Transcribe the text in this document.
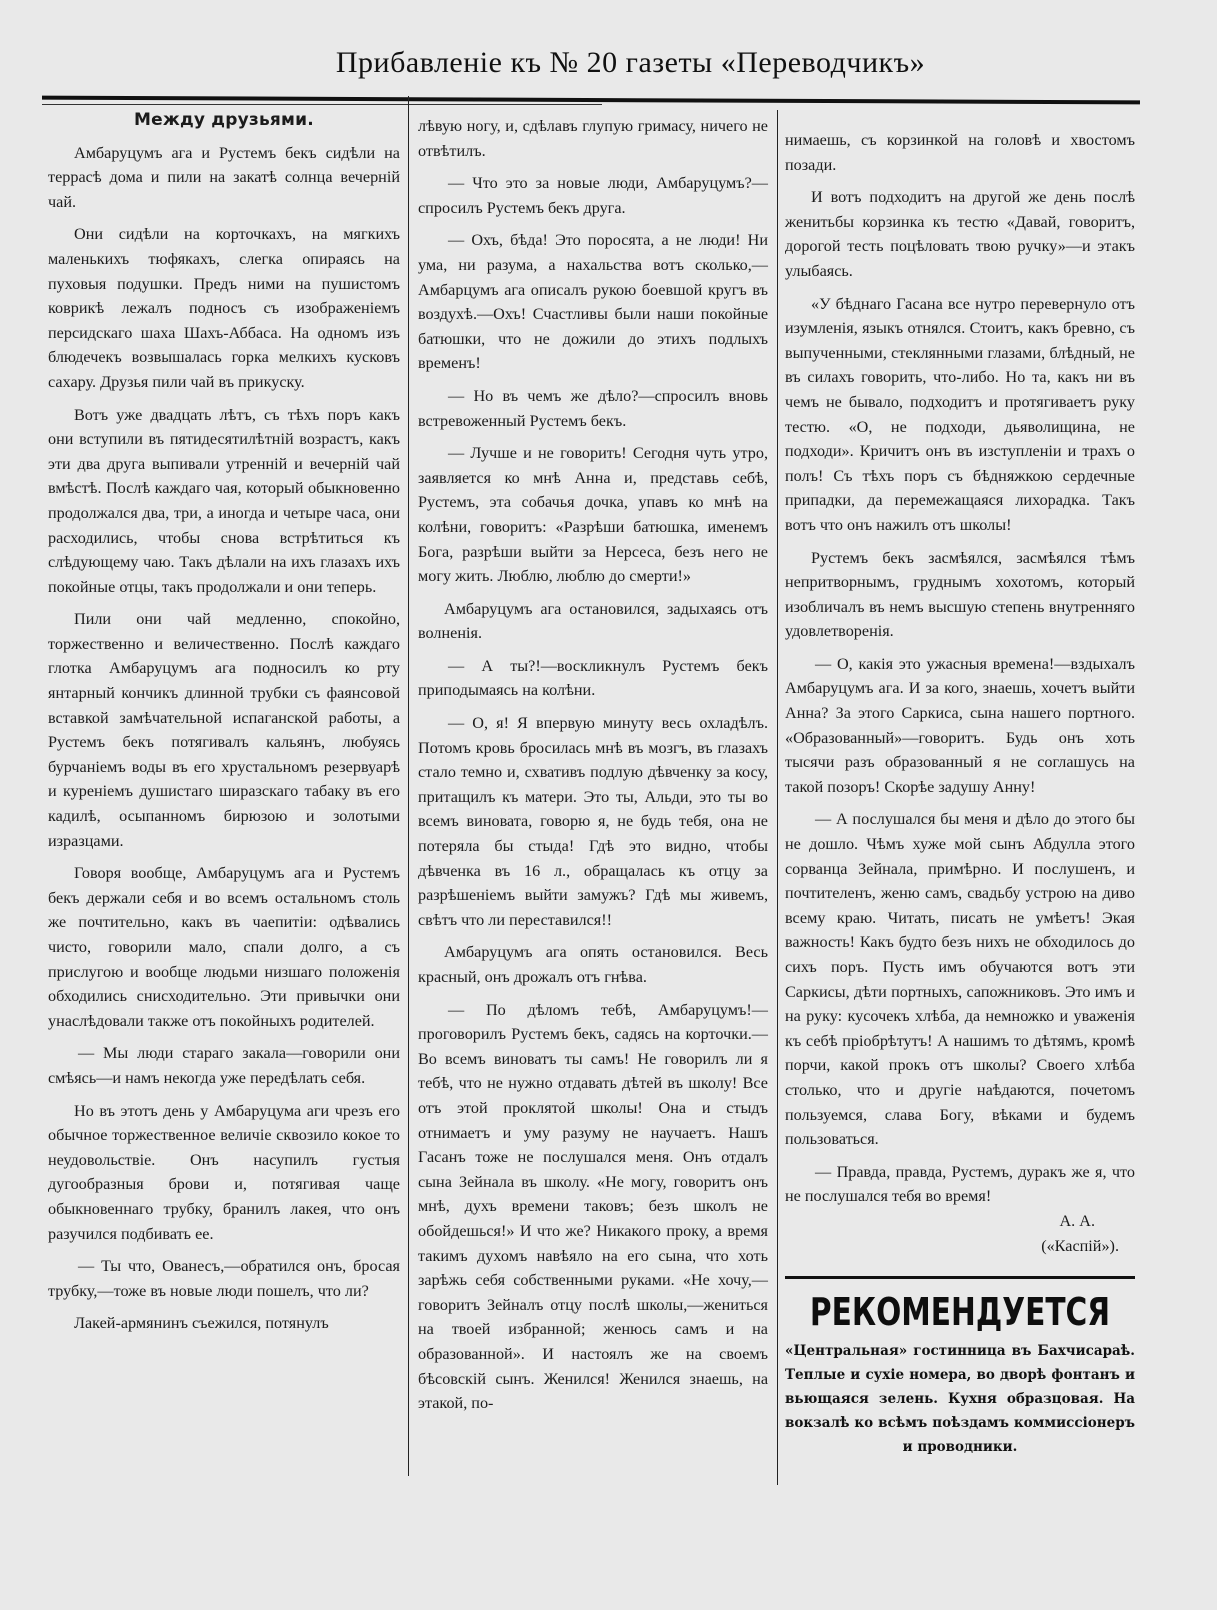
Прибавленіе къ № 20 газеты «Переводчикъ»

Между друзьями.

Амбаруцумъ ага и Рустемъ бекъ сидѣли на террасѣ дома и пили на закатѣ солнца вечерній чай.

Они сидѣли на корточкахъ, на мягкихъ маленькихъ тюфякахъ, слегка опираясь на пуховыя подушки. Предъ ними на пушистомъ коврикѣ лежалъ подносъ съ изображеніемъ персидскаго шаха Шахъ-Аббаса. На одномъ изъ блюдечекъ возвышалась горка мелкихъ кусковъ сахару. Друзья пили чай въ прикуску.

Вотъ уже двадцать лѣтъ, съ тѣхъ поръ какъ они вступили въ пятидесятилѣтній возрастъ, какъ эти два друга выпивали утренній и вечерній чай вмѣстѣ. Послѣ каждаго чая, который обыкновенно продолжался два, три, а иногда и четыре часа, они расходились, чтобы снова встрѣтиться къ слѣдующему чаю. Такъ дѣлали на ихъ глазахъ ихъ покойные отцы, такъ продолжали и они теперь.

Пили они чай медленно, спокойно, торжественно и величественно. Послѣ каждаго глотка Амбаруцумъ ага подносилъ ко рту янтарный кончикъ длинной трубки съ фаянсовой вставкой замѣчательной испаганской работы, а Рустемъ бекъ потягивалъ кальянъ, любуясь бурчаніемъ воды въ его хрустальномъ резервуарѣ и куреніемъ душистаго ширазскаго табаку въ его кадилѣ, осыпанномъ бирюзою и золотыми изразцами.

Говоря вообще, Амбаруцумъ ага и Рустемъ бекъ держали себя и во всемъ остальномъ столь же почтительно, какъ въ чаепитіи: одѣвались чисто, говорили мало, спали долго, а съ прислугою и вообще людьми низшаго положенія обходились снисходительно. Эти привычки они унаслѣдовали также отъ покойныхъ родителей.

— Мы люди стараго закала—говорили они смѣясь—и намъ некогда уже передѣлать себя.

Но въ этотъ день у Амбаруцума аги чрезъ его обычное торжественное величіе сквозило кокое то неудовольствіе. Онъ насупилъ густыя дугообразныя брови и, потягивая чаще обыкновеннаго трубку, бранилъ лакея, что онъ разучился подбивать ее.

— Ты что, Ованесъ,—обратился онъ, бросая трубку,—тоже въ новые люди пошелъ, что ли?

Лакей-армянинъ съежился, потянулъ

лѣвую ногу, и, сдѣлавъ глупую гримасу, ничего не отвѣтилъ.

— Что это за новые люди, Амбаруцумъ?—спросилъ Рустемъ бекъ друга.

— Охъ, бѣда! Это поросята, а не люди! Ни ума, ни разума, а нахальства вотъ сколько,—Амбарцумъ ага описалъ рукою боевшой кругъ въ воздухѣ.—Охъ! Счастливы были наши покойные батюшки, что не дожили до этихъ подлыхъ временъ!

— Но въ чемъ же дѣло?—спросилъ вновь встревоженный Рустемъ бекъ.

— Лучше и не говорить! Сегодня чуть утро, заявляется ко мнѣ Анна и, представь себѣ, Рустемъ, эта собачья дочка, упавъ ко мнѣ на колѣни, говоритъ: «Разрѣши батюшка, именемъ Бога, разрѣши выйти за Нерсеса, безъ него не могу жить. Люблю, люблю до смерти!»

Амбаруцумъ ага остановился, задыхаясь отъ волненія.

— А ты?!—воскликнулъ Рустемъ бекъ приподымаясь на колѣни.

— О, я! Я впервую минуту весь охладѣлъ. Потомъ кровь бросилась мнѣ въ мозгъ, въ глазахъ стало темно и, схвативъ подлую дѣвченку за косу, притащилъ къ матери. Это ты, Альди, это ты во всемъ виновата, говорю я, не будь тебя, она не потеряла бы стыда! Гдѣ это видно, чтобы дѣвченка въ 16 л., обращалась къ отцу за разрѣшеніемъ выйти замужъ? Гдѣ мы живемъ, свѣтъ что ли переставился!!

Амбаруцумъ ага опять остановился. Весь красный, онъ дрожалъ отъ гнѣва.

— По дѣломъ тебѣ, Амбаруцумъ!—проговорилъ Рустемъ бекъ, садясь на корточки.—Во всемъ виноватъ ты самъ! Не говорилъ ли я тебѣ, что не нужно отдавать дѣтей въ школу! Все отъ этой проклятой школы! Она и стыдъ отнимаетъ и уму разуму не научаетъ. Нашъ Гасанъ тоже не послушался меня. Онъ отдалъ сына Зейнала въ школу. «Не могу, говоритъ онъ мнѣ, духъ времени таковъ; безъ школъ не обойдешься!» И что же? Никакого проку, а время такимъ духомъ навѣяло на его сына, что хоть зарѣжь себя собственными руками. «Не хочу,—говоритъ Зейналъ отцу послѣ школы,—жениться на твоей избранной; женюсь самъ и на образованной». И настоялъ же на своемъ бѣсовскій сынъ. Женился! Женился знаешь, на этакой, по-

нимаешь, съ корзинкой на головѣ и хвостомъ позади.

И вотъ подходитъ на другой же день послѣ женитьбы корзинка къ тестю «Давай, говоритъ, дорогой тесть поцѣловать твою ручку»—и этакъ улыбаясь.

«У бѣднаго Гасана все нутро перевернуло отъ изумленія, языкъ отнялся. Стоитъ, какъ бревно, съ выпученными, стеклянными глазами, блѣдный, не въ силахъ говорить, что-либо. Но та, какъ ни въ чемъ не бывало, подходитъ и протягиваетъ руку тестю. «О, не подходи, дьяволищина, не подходи». Кричитъ онъ въ изступленіи и трахъ о полъ! Съ тѣхъ поръ съ бѣдняжкою сердечные припадки, да перемежащаяся лихорадка. Такъ вотъ что онъ нажилъ отъ школы!

Рустемъ бекъ засмѣялся, засмѣялся тѣмъ непритворнымъ, груднымъ хохотомъ, который изобличалъ въ немъ высшую степень внутренняго удовлетворенія.

— О, какія это ужасныя времена!—вздыхалъ Амбаруцумъ ага. И за кого, знаешь, хочетъ выйти Анна? За этого Саркиса, сына нашего портного. «Образованный»—говоритъ. Будь онъ хоть тысячи разъ образованный я не соглашусь на такой позоръ! Скорѣе задушу Анну!

— А послушался бы меня и дѣло до этого бы не дошло. Чѣмъ хуже мой сынъ Абдулла этого сорванца Зейнала, примѣрно. И послушенъ, и почтителенъ, женю самъ, свадьбу устрою на диво всему краю. Читать, писать не умѣетъ! Экая важность! Какъ будто безъ нихъ не обходилось до сихъ поръ. Пусть имъ обучаются вотъ эти Саркисы, дѣти портныхъ, сапожниковъ. Это имъ и на руку: кусочекъ хлѣба, да немножко и уваженія къ себѣ пріобрѣтутъ! А нашимъ то дѣтямъ, кромѣ порчи, какой прокъ отъ школы? Своего хлѣба столько, что и другіе наѣдаются, почетомъ пользуемся, слава Богу, вѣками и будемъ пользоваться.

— Правда, правда, Рустемъ, дуракъ же я, что не послушался тебя во время!

А. А.

(«Каспій»).

РЕКОМЕНДУЕТСЯ
«Центральная» гостинница въ Бахчисараѣ. Теплые и сухіе номера, во дворѣ фонтанъ и вьющаяся зелень. Кухня образцовая. На вокзалѣ ко всѣмъ поѣздамъ коммиссіонеръ и проводники.
